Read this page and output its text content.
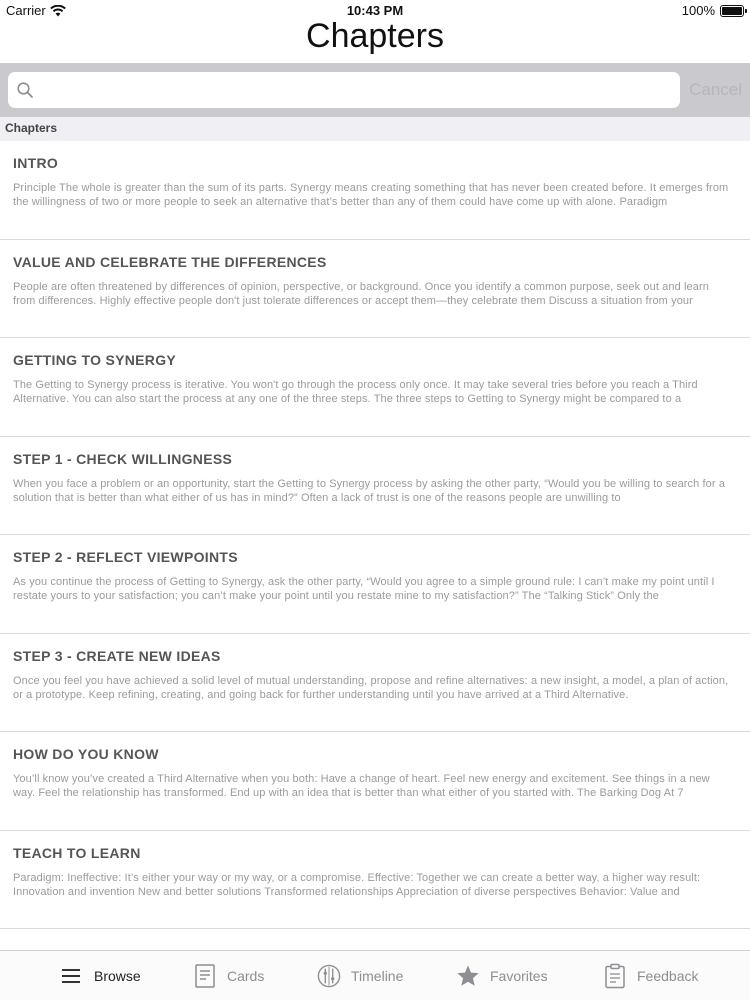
Carrier	10:43 PM	100%
Chapters
Cancel
Chapters
INTRO
Principle The whole is greater than the sum of its parts. Synergy means creating something that has never been created before. It emerges from the willingness of two or more people to seek an alternative that’s better than any of them could have come up with alone. Paradigm
VALUE AND CELEBRATE THE DIFFERENCES
People are often threatened by differences of opinion, perspective, or background. Once you identify a common purpose, seek out and learn from differences. Highly effective people don't just tolerate differences or accept them—they celebrate them Discuss a situation from your
GETTING TO SYNERGY
The Getting to Synergy process is iterative. You won't go through the process only once. It may take several tries before you reach a Third Alternative. You can also start the process at any one of the three steps. The three steps to Getting to Synergy might be compared to a
STEP 1 - CHECK WILLINGNESS
When you face a problem or an opportunity, start the Getting to Synergy process by asking the other party, “Would you be willing to search for a solution that is better than what either of us has in mind?” Often a lack of trust is one of the reasons people are unwilling to
STEP 2 - REFLECT VIEWPOINTS
As you continue the process of Getting to Synergy, ask the other party, “Would you agree to a simple ground rule: I can’t make my point until I restate yours to your satisfaction; you can’t make your point until you restate mine to my satisfaction?” The “Talking Stick” Only the
STEP 3 - CREATE NEW IDEAS
Once you feel you have achieved a solid level of mutual understanding, propose and refine alternatives: a new insight, a model, a plan of action, or a prototype. Keep refining, creating, and going back for further understanding until you have arrived at a Third Alternative.
HOW DO YOU KNOW
You’ll know you’ve created a Third Alternative when you both: Have a change of heart. Feel new energy and excitement. See things in a new way. Feel the relationship has transformed. End up with an idea that is better than what either of you started with. The Barking Dog At 7
TEACH TO LEARN
Paradigm: Ineffective: It’s either your way or my way, or a compromise. Effective: Together we can create a better way, a higher way result: Innovation and invention New and better solutions Transformed relationships Appreciation of diverse perspectives Behavior: Value and
Browse	Cards	Timeline	Favorites	Feedback
